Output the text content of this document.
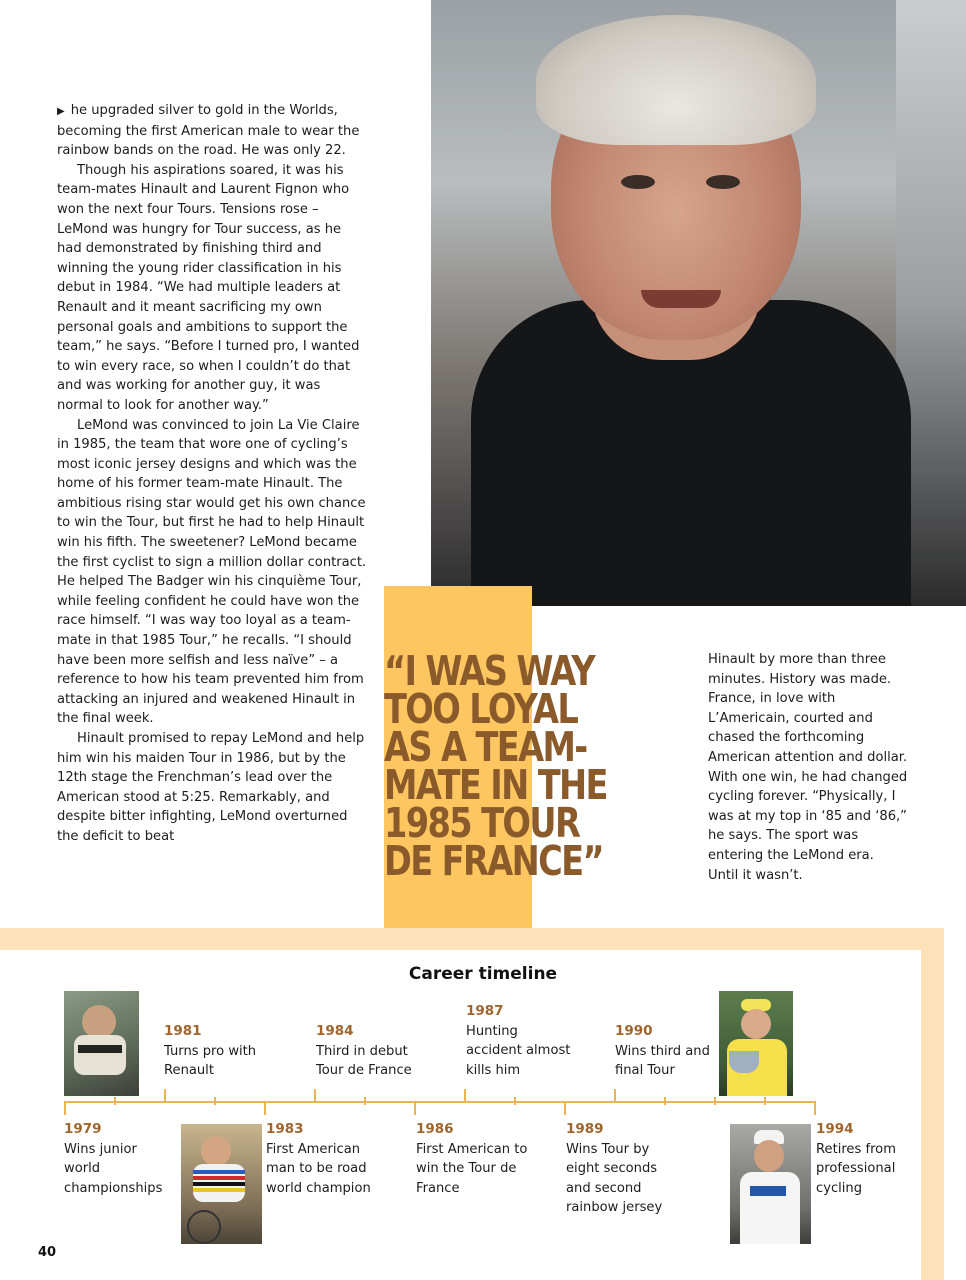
▶ he upgraded silver to gold in the Worlds, becoming the first American male to wear the rainbow bands on the road. He was only 22.

Though his aspirations soared, it was his team-mates Hinault and Laurent Fignon who won the next four Tours. Tensions rose – LeMond was hungry for Tour success, as he had demonstrated by finishing third and winning the young rider classification in his debut in 1984. “We had multiple leaders at Renault and it meant sacrificing my own personal goals and ambitions to support the team,” he says. “Before I turned pro, I wanted to win every race, so when I couldn’t do that and was working for another guy, it was normal to look for another way.”

LeMond was convinced to join La Vie Claire in 1985, the team that wore one of cycling’s most iconic jersey designs and which was the home of his former team-mate Hinault. The ambitious rising star would get his own chance to win the Tour, but first he had to help Hinault win his fifth. The sweetener? LeMond became the first cyclist to sign a million dollar contract. He helped The Badger win his cinquième Tour, while feeling confident he could have won the race himself. “I was way too loyal as a team-mate in that 1985 Tour,” he recalls. “I should have been more selfish and less naïve” – a reference to how his team prevented him from attacking an injured and weakened Hinault in the final week.

Hinault promised to repay LeMond and help him win his maiden Tour in 1986, but by the 12th stage the Frenchman’s lead over the American stood at 5:25. Remarkably, and despite bitter infighting, LeMond overturned the deficit to beat

“I WAS WAY TOO LOYAL AS A TEAM-MATE IN THE 1985 TOUR DE FRANCE”
Hinault by more than three minutes. History was made. France, in love with L’Americain, courted and chased the forthcoming American attention and dollar. With one win, he had changed cycling forever. “Physically, I was at my top in ‘85 and ‘86,” he says. The sport was entering the LeMond era. Until it wasn’t.
Career timeline
1981
Turns pro with Renault
1984
Third in debut Tour de France
1987
Hunting accident almost kills him
1990
Wins third and final Tour
1979
Wins junior world championships
1983
First American man to be road world champion
1986
First American to win the Tour de France
1989
Wins Tour by eight seconds and second rainbow jersey
1994
Retires from professional cycling
40
